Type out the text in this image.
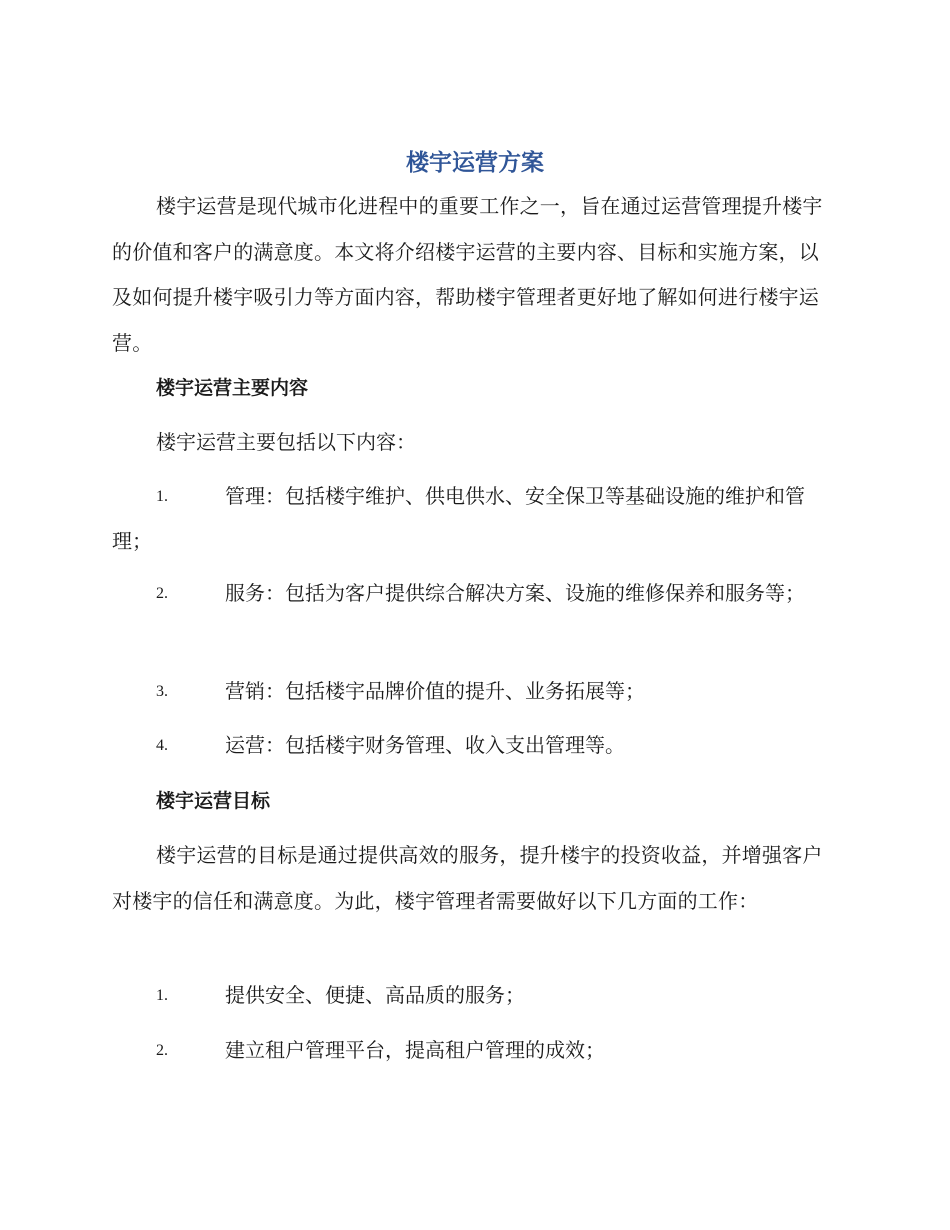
楼宇运营方案
楼宇运营是现代城市化进程中的重要工作之一，旨在通过运营管理提升楼宇的价值和客户的满意度。本文将介绍楼宇运营的主要内容、目标和实施方案，以及如何提升楼宇吸引力等方面内容，帮助楼宇管理者更好地了解如何进行楼宇运营。
楼宇运营主要内容
楼宇运营主要包括以下内容：
1.	管理：包括楼宇维护、供电供水、安全保卫等基础设施的维护和管理；
2.	服务：包括为客户提供综合解决方案、设施的维修保养和服务等；
3.	营销：包括楼宇品牌价值的提升、业务拓展等；
4.	运营：包括楼宇财务管理、收入支出管理等。
楼宇运营目标
楼宇运营的目标是通过提供高效的服务，提升楼宇的投资收益，并增强客户对楼宇的信任和满意度。为此，楼宇管理者需要做好以下几方面的工作：
1.	提供安全、便捷、高品质的服务；
2.	建立租户管理平台，提高租户管理的成效；
